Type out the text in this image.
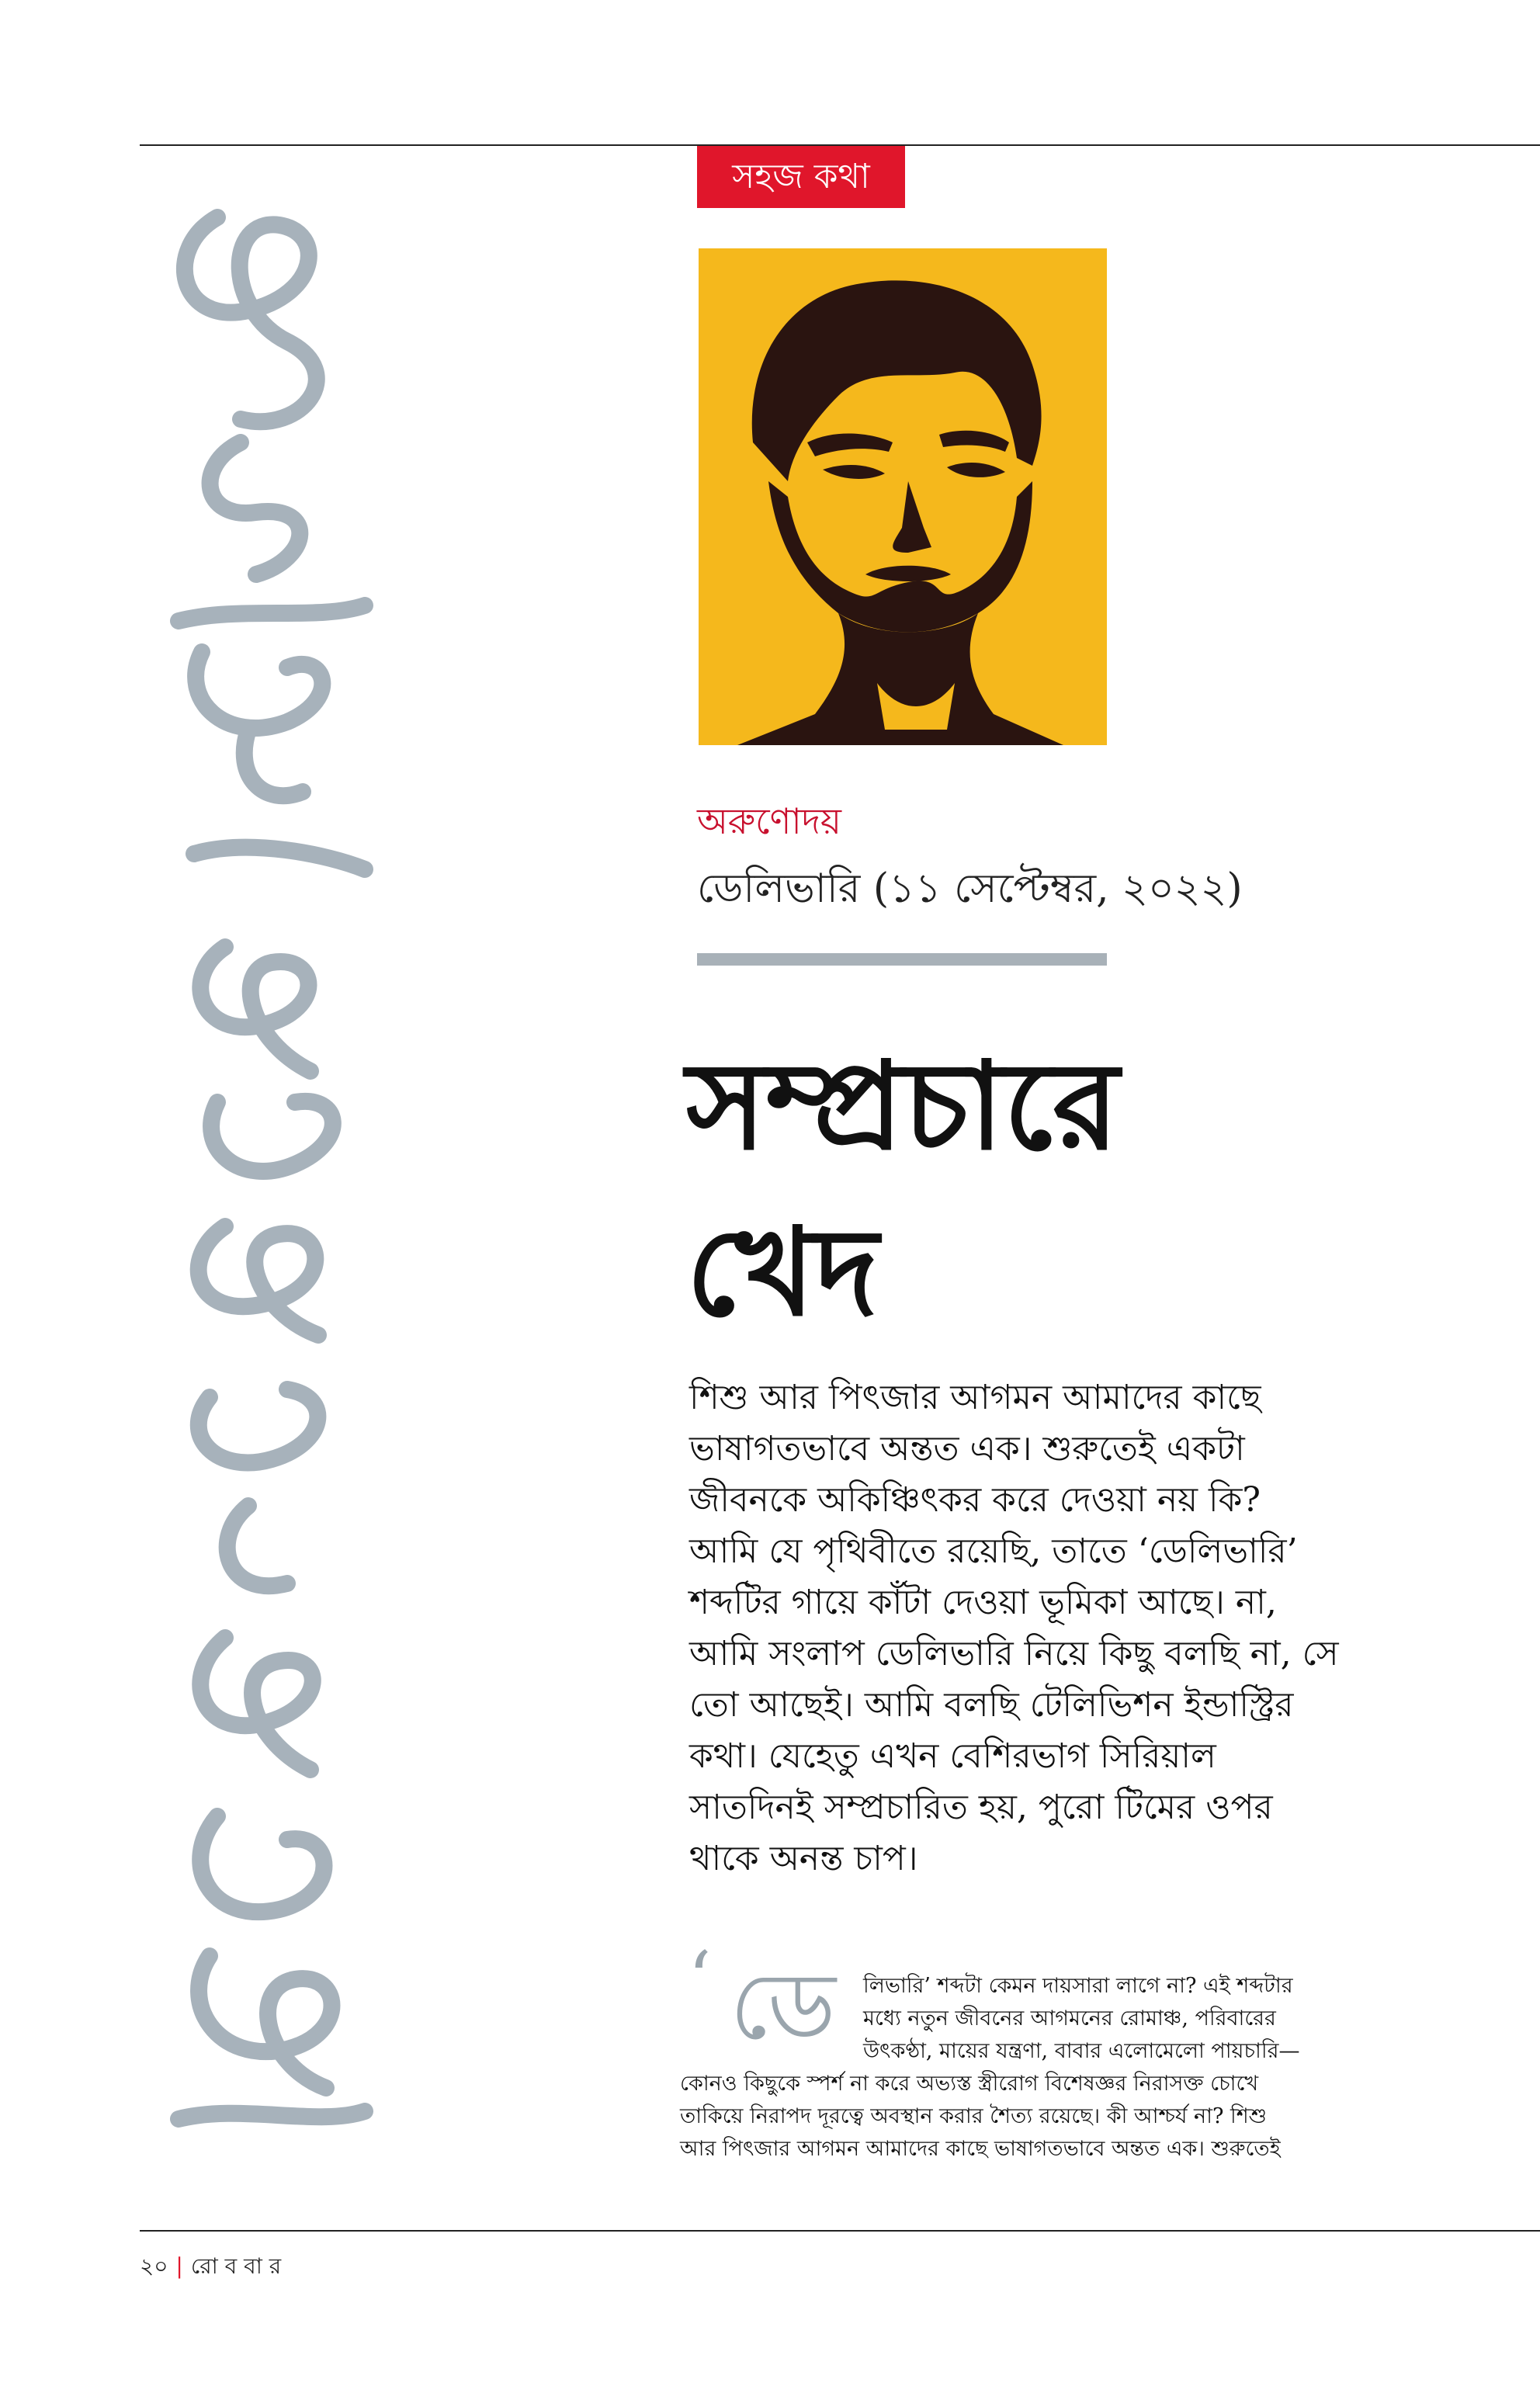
সহজ কথা
অরুণোদয়
ডেলিভারি (১১ সেপ্টেম্বর, ২০২২)
সম্প্রচারে
খেদ
শিশু আর পিৎজার আগমন আমাদের কাছে
ভাষাগতভাবে অন্তত এক। শুরুতেই একটা
জীবনকে অকিঞ্চিৎকর করে দেওয়া নয় কি?
আমি যে পৃথিবীতে রয়েছি, তাতে ‘ডেলিভারি’
শব্দটির গায়ে কাঁটা দেওয়া ভূমিকা আছে। না,
আমি সংলাপ ডেলিভারি নিয়ে কিছু বলছি না, সে
তো আছেই। আমি বলছি টেলিভিশন ইন্ডাস্ট্রির
কথা। যেহেতু এখন বেশিরভাগ সিরিয়াল
সাতদিনই সম্প্রচারিত হয়, পুরো টিমের ওপর
থাকে অনন্ত চাপ।
‘ ডে	লিভারি’ শব্দটা কেমন দায়সারা লাগে না? এই শব্দটার
মধ্যে নতুন জীবনের আগমনের রোমাঞ্চ, পরিবারের
উৎকণ্ঠা, মায়ের যন্ত্রণা, বাবার এলোমেলো পায়চারি—
কোনও কিছুকে স্পর্শ না করে অভ্যস্ত স্ত্রীরোগ বিশেষজ্ঞর নিরাসক্ত চোখে
তাকিয়ে নিরাপদ দূরত্বে অবস্থান করার শৈত্য রয়েছে। কী আশ্চর্য না? শিশু
আর পিৎজার আগমন আমাদের কাছে ভাষাগতভাবে অন্তত এক। শুরুতেই
২০ | রো ব বা র
